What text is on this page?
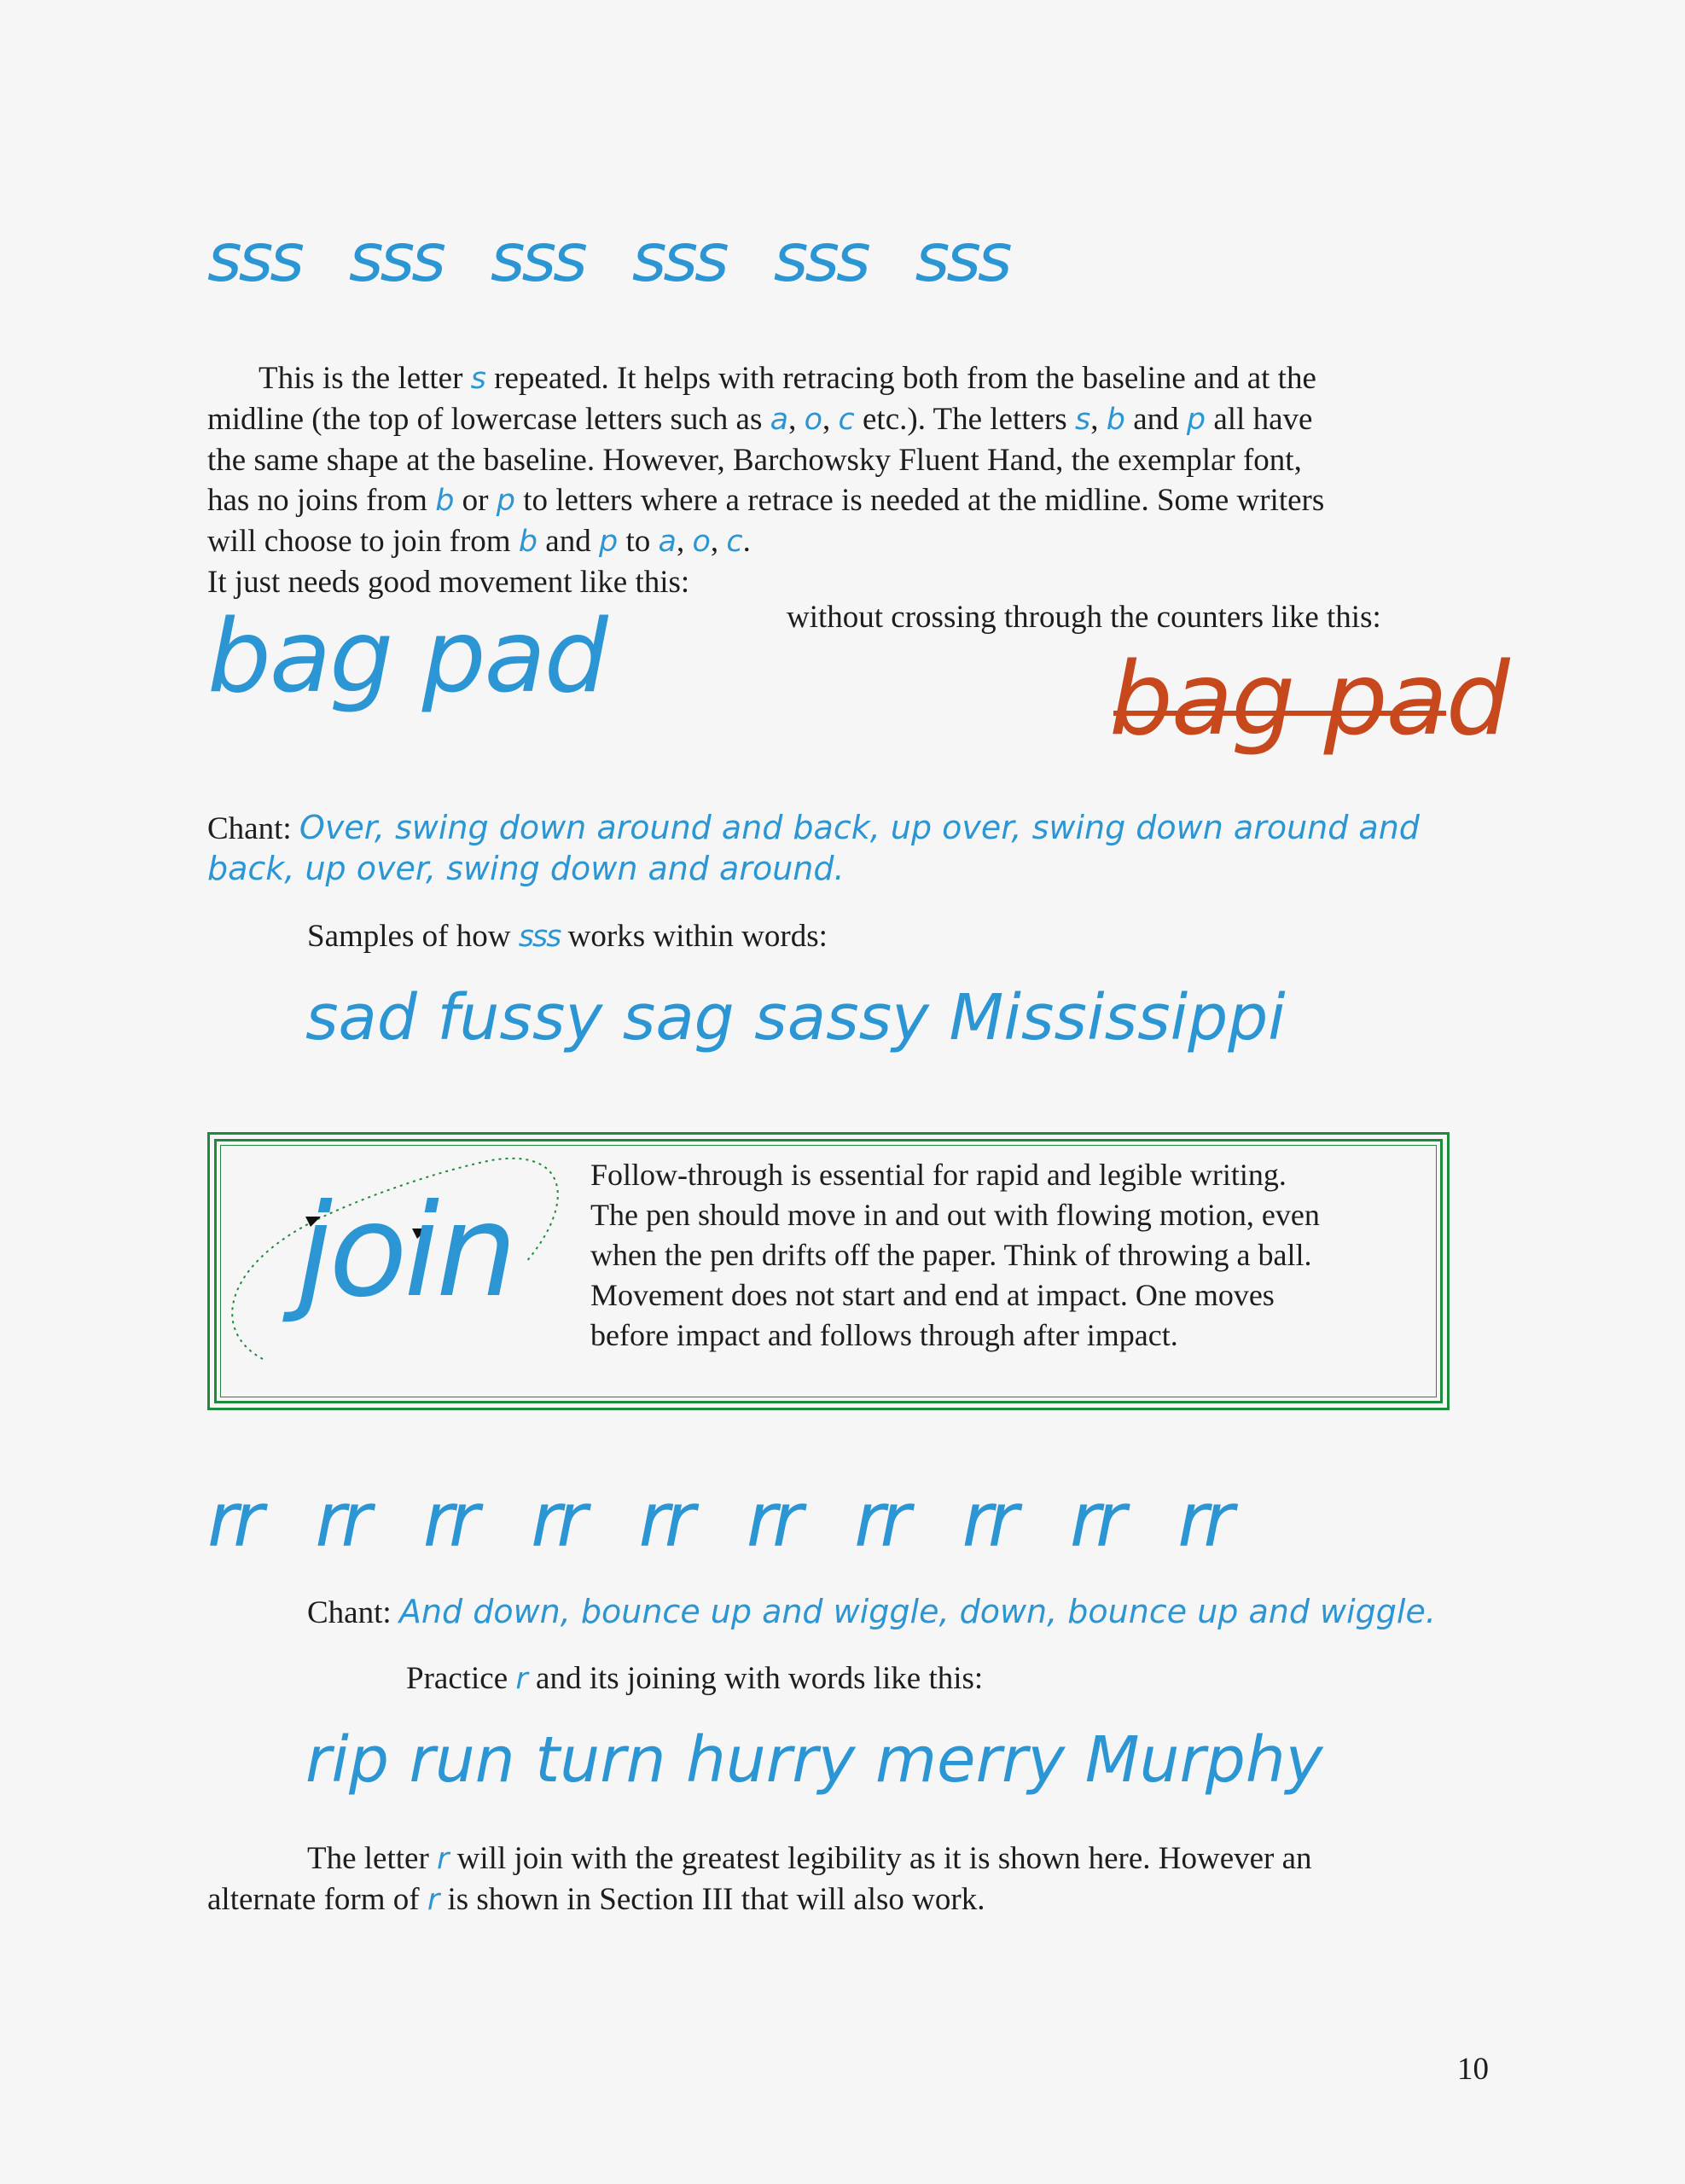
sss sss sss sss sss sss
This is the letter s repeated. It helps with retracing both from the baseline and at the
midline (the top of lowercase letters such as a, o, c etc.). The letters s, b and p all have
the same shape at the baseline. However, Barchowsky Fluent Hand, the exemplar font,
has no joins from b or p to letters where a retrace is needed at the midline. Some writers
will choose to join from b and p to a, o, c.
It just needs good movement like this:
without crossing through the counters like this:
bag pad	bag pad
Chant: Over, swing down around and back, up over, swing down around and
back, up over, swing down and around.
Samples of how sss works within words:
sad fussy sag sassy Mississippi
join
Follow-through is essential for rapid and legible writing.
The pen should move in and out with flowing motion, even
when the pen drifts off the paper. Think of throwing a ball.
Movement does not start and end at impact. One moves
before impact and follows through after impact.
rr rr rr rr rr rr rr rr rr rr
Chant: And down, bounce up and wiggle, down, bounce up and wiggle.
Practice r and its joining with words like this:
rip run turn hurry merry Murphy
The letter r will join with the greatest legibility as it is shown here. However an
alternate form of r is shown in Section III that will also work.
10
